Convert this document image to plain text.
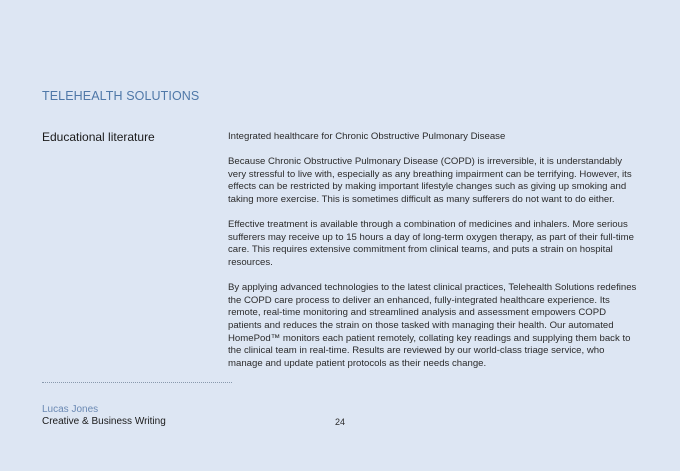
TELEHEALTH SOLUTIONS
Educational literature	Integrated healthcare for Chronic Obstructive Pulmonary Disease

Because Chronic Obstructive Pulmonary Disease (COPD) is irreversible, it is understandably very stressful to live with, especially as any breathing impairment can be terrifying. However, its effects can be restricted by making important lifestyle changes such as giving up smoking and taking more exercise. This is sometimes difficult as many sufferers do not want to do either.

Effective treatment is available through a combination of medicines and inhalers. More serious sufferers may receive up to 15 hours a day of long-term oxygen therapy, as part of their full-time care. This requires extensive commitment from clinical teams, and puts a strain on hospital resources.

By applying advanced technologies to the latest clinical practices, Telehealth Solutions redefines the COPD care process to deliver an enhanced, fully-integrated healthcare experience. Its remote, real-time monitoring and streamlined analysis and assessment empowers COPD patients and reduces the strain on those tasked with managing their health. Our automated HomePod™ monitors each patient remotely, collating key readings and supplying them back to the clinical team in real-time. Results are reviewed by our world-class triage service, who manage and update patient protocols as their needs change.

Lucas Jones
Creative & Business Writing	24
